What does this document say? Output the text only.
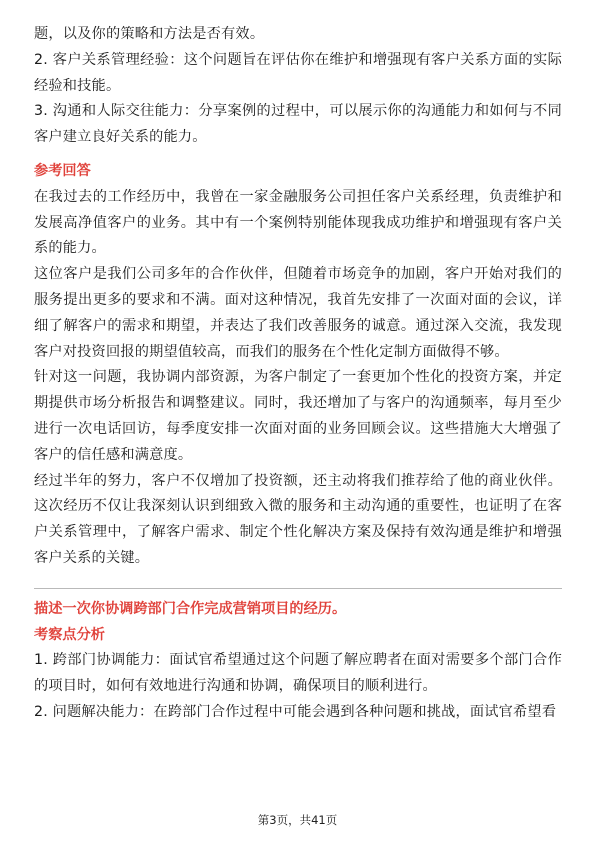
题，以及你的策略和方法是否有效。

2. 客户关系管理经验：这个问题旨在评估你在维护和增强现有客户关系方面的实际经验和技能。

3. 沟通和人际交往能力：分享案例的过程中，可以展示你的沟通能力和如何与不同客户建立良好关系的能力。

参考回答

在我过去的工作经历中，我曾在一家金融服务公司担任客户关系经理，负责维护和发展高净值客户的业务。其中有一个案例特别能体现我成功维护和增强现有客户关系的能力。

这位客户是我们公司多年的合作伙伴，但随着市场竞争的加剧，客户开始对我们的服务提出更多的要求和不满。面对这种情况，我首先安排了一次面对面的会议，详细了解客户的需求和期望，并表达了我们改善服务的诚意。通过深入交流，我发现客户对投资回报的期望值较高，而我们的服务在个性化定制方面做得不够。

针对这一问题，我协调内部资源，为客户制定了一套更加个性化的投资方案，并定期提供市场分析报告和调整建议。同时，我还增加了与客户的沟通频率，每月至少进行一次电话回访，每季度安排一次面对面的业务回顾会议。这些措施大大增强了客户的信任感和满意度。

经过半年的努力，客户不仅增加了投资额，还主动将我们推荐给了他的商业伙伴。这次经历不仅让我深刻认识到细致入微的服务和主动沟通的重要性，也证明了在客户关系管理中，了解客户需求、制定个性化解决方案及保持有效沟通是维护和增强客户关系的关键。

描述一次你协调跨部门合作完成营销项目的经历。
考察点分析

1. 跨部门协调能力：面试官希望通过这个问题了解应聘者在面对需要多个部门合作的项目时，如何有效地进行沟通和协调，确保项目的顺利进行。

2. 问题解决能力：在跨部门合作过程中可能会遇到各种问题和挑战，面试官希望看

第3页，共41页
